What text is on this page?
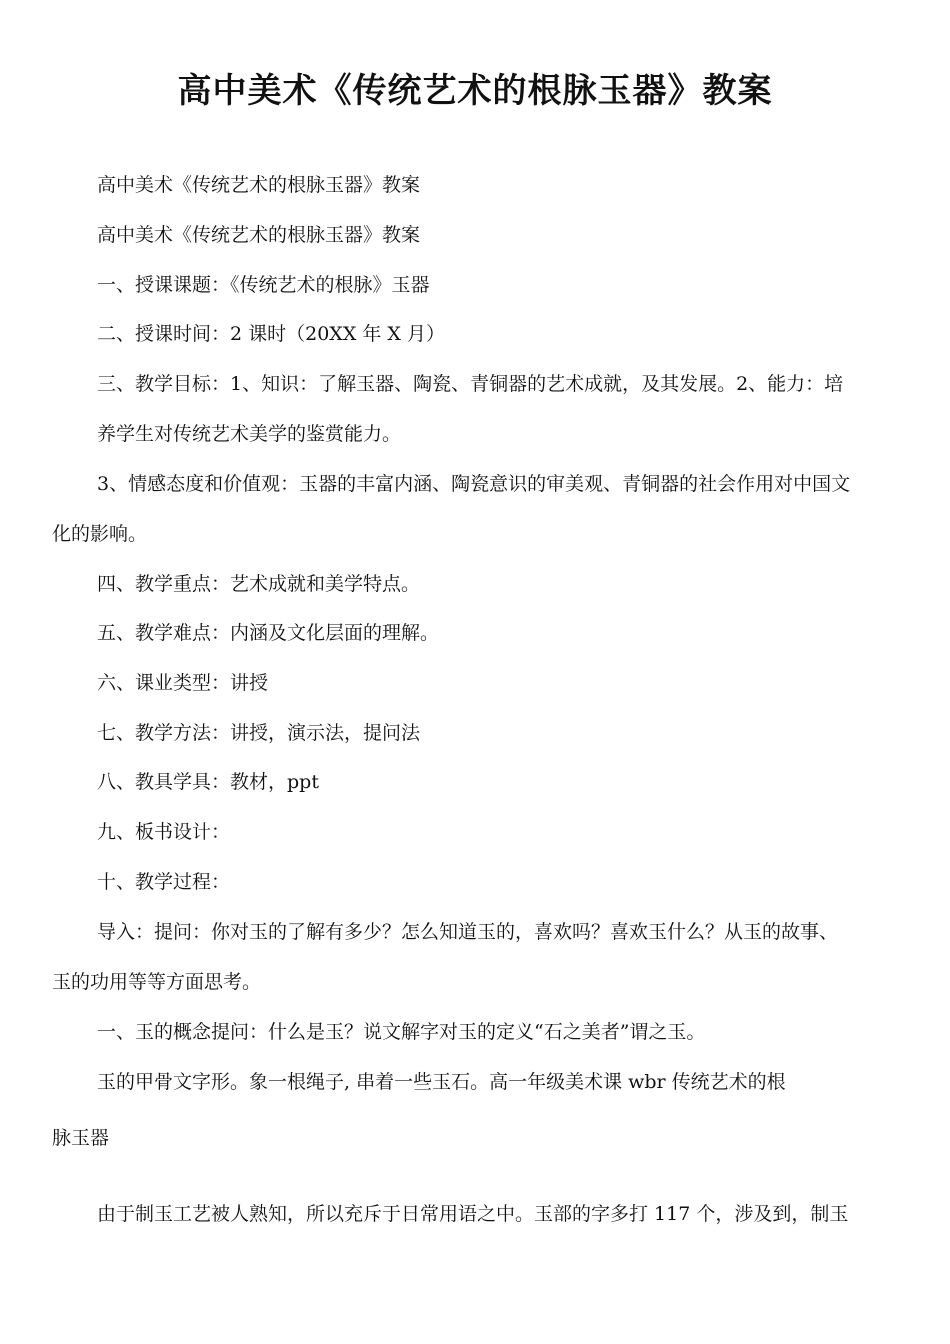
高中美术《传统艺术的根脉玉器》教案
高中美术《传统艺术的根脉玉器》教案
高中美术《传统艺术的根脉玉器》教案
一、授课课题：《传统艺术的根脉》玉器
二、授课时间：2 课时（20XX 年 X 月）
三、教学目标：1、知识：了解玉器、陶瓷、青铜器的艺术成就，及其发展。2、能力：培
养学生对传统艺术美学的鉴赏能力。
3、情感态度和价值观：玉器的丰富内涵、陶瓷意识的审美观、青铜器的社会作用对中国文
化的影响。
四、教学重点：艺术成就和美学特点。
五、教学难点：内涵及文化层面的理解。
六、课业类型：讲授
七、教学方法：讲授，演示法，提问法
八、教具学具：教材，ppt
九、板书设计：
十、教学过程：
导入：提问：你对玉的了解有多少？怎么知道玉的，喜欢吗？喜欢玉什么？从玉的故事、
玉的功用等等方面思考。
一、玉的概念提问：什么是玉？说文解字对玉的定义“石之美者”谓之玉。
玉的甲骨文字形。象一根绳子, 串着一些玉石。高一年级美术课 wbr 传统艺术的根
脉玉器
由于制玉工艺被人熟知，所以充斥于日常用语之中。玉部的字多打 117 个，涉及到，制玉
